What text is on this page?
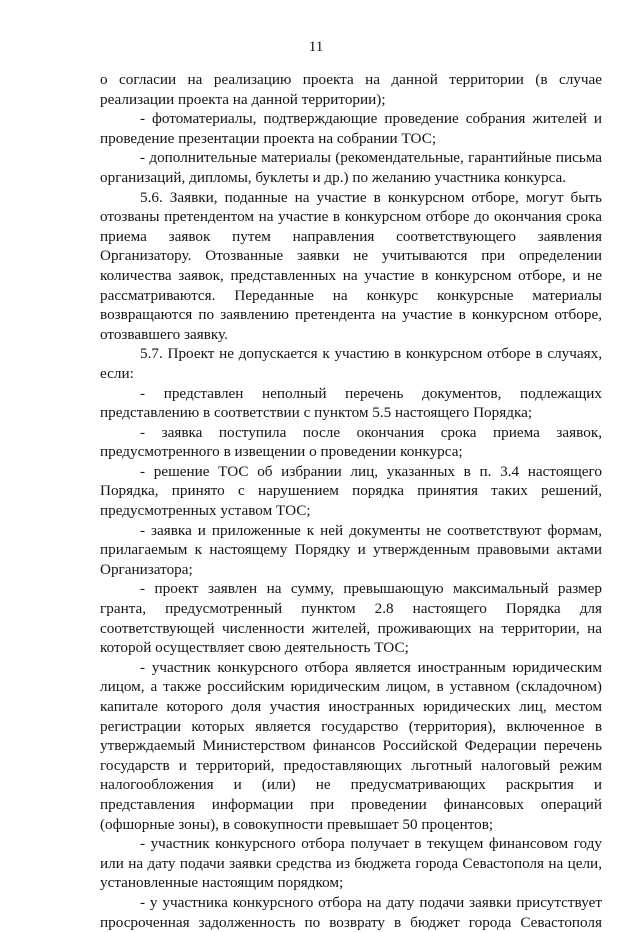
11

о согласии на реализацию проекта на данной территории (в случае реализации проекта на данной территории);

- фотоматериалы, подтверждающие проведение собрания жителей и проведение презентации проекта на собрании ТОС;

- дополнительные материалы (рекомендательные, гарантийные письма организаций, дипломы, буклеты и др.) по желанию участника конкурса.

5.6. Заявки, поданные на участие в конкурсном отборе, могут быть отозваны претендентом на участие в конкурсном отборе до окончания срока приема заявок путем направления соответствующего заявления Организатору. Отозванные заявки не учитываются при определении количества заявок, представленных на участие в конкурсном отборе, и не рассматриваются. Переданные на конкурс конкурсные материалы возвращаются по заявлению претендента на участие в конкурсном отборе, отозвавшего заявку.

5.7. Проект не допускается к участию в конкурсном отборе в случаях, если:

- представлен неполный перечень документов, подлежащих представлению в соответствии с пунктом 5.5 настоящего Порядка;

- заявка поступила после окончания срока приема заявок, предусмотренного в извещении о проведении конкурса;

- решение ТОС об избрании лиц, указанных в п. 3.4 настоящего Порядка, принято с нарушением порядка принятия таких решений, предусмотренных уставом ТОС;

- заявка и приложенные к ней документы не соответствуют формам, прилагаемым к настоящему Порядку и утвержденным правовыми актами Организатора;

- проект заявлен на сумму, превышающую максимальный размер гранта, предусмотренный пунктом 2.8 настоящего Порядка для соответствующей численности жителей, проживающих на территории, на которой осуществляет свою деятельность ТОС;

- участник конкурсного отбора является иностранным юридическим лицом, а также российским юридическим лицом, в уставном (складочном) капитале которого доля участия иностранных юридических лиц, местом регистрации которых является государство (территория), включенное в утверждаемый Министерством финансов Российской Федерации перечень государств и территорий, предоставляющих льготный налоговый режим налогообложения и (или) не предусматривающих раскрытия и представления информации при проведении финансовых операций (офшорные зоны), в совокупности превышает 50 процентов;

- участник конкурсного отбора получает в текущем финансовом году или на дату подачи заявки средства из бюджета города Севастополя на цели, установленные настоящим порядком;

- у участника конкурсного отбора на дату подачи заявки присутствует просроченная задолженность по возврату в бюджет города Севастополя
